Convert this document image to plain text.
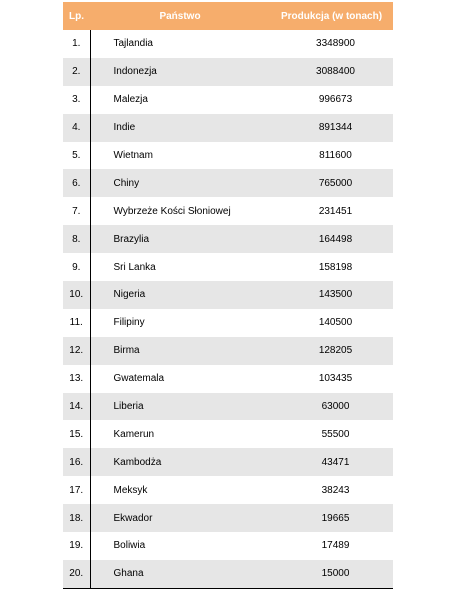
Lp.	Państwo	Produkcja (w tonach)
1.	Tajlandia	3348900
2.	Indonezja	3088400
3.	Malezja	996673
4.	Indie	891344
5.	Wietnam	811600
6.	Chiny	765000
7.	Wybrzeże Kości Słoniowej	231451
8.	Brazylia	164498
9.	Sri Lanka	158198
10.	Nigeria	143500
11.	Filipiny	140500
12.	Birma	128205
13.	Gwatemala	103435
14.	Liberia	63000
15.	Kamerun	55500
16.	Kambodża	43471
17.	Meksyk	38243
18.	Ekwador	19665
19.	Boliwia	17489
20.	Ghana	15000
